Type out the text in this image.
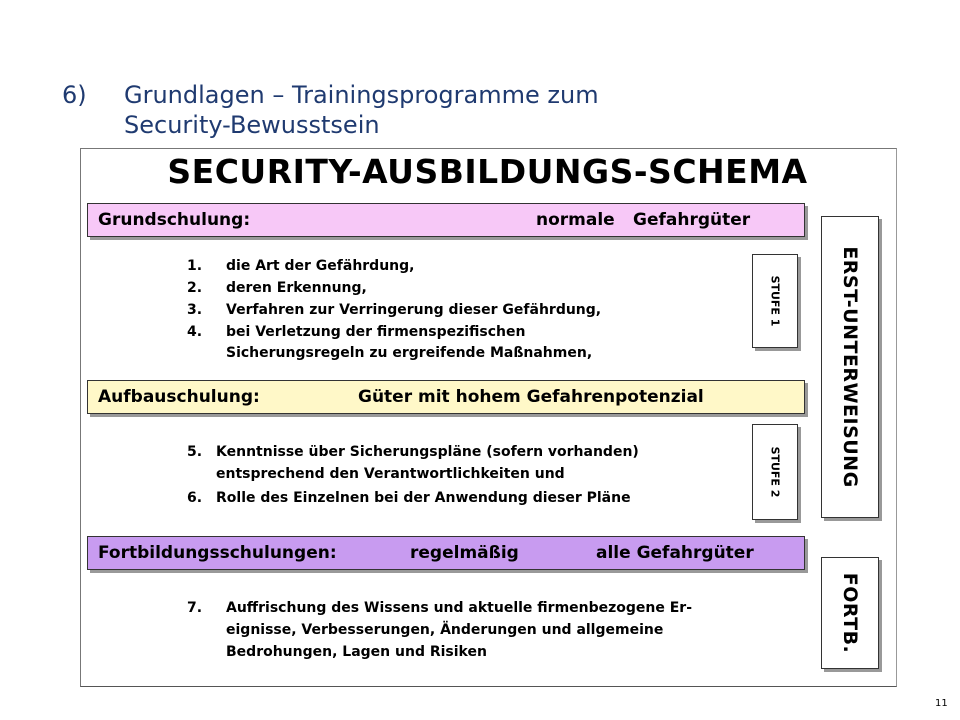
6) Grundlagen – Trainingsprogramme zum
Security-Bewusstsein
SECURITY-AUSBILDUNGS-SCHEMA
Grundschulung:	normale Gefahrgüter
1. die Art der Gefährdung,
2. deren Erkennung,
3. Verfahren zur Verringerung dieser Gefährdung,
4. bei Verletzung der firmenspezifischen
Sicherungsregeln zu ergreifende Maßnahmen,
Aufbauschulung:	Güter mit hohem Gefahrenpotenzial
5. Kenntnisse über Sicherungspläne (sofern vorhanden)
entsprechend den Verantwortlichkeiten und
6. Rolle des Einzelnen bei der Anwendung dieser Pläne
Fortbildungsschulungen:	regelmäßig	alle Gefahrgüter
7. Auffrischung des Wissens und aktuelle firmenbezogene Er-
eignisse, Verbesserungen, Änderungen und allgemeine
Bedrohungen, Lagen und Risiken
STUFE 1
STUFE 2	ERST-UNTERWEISUNG
FORTB.
11
